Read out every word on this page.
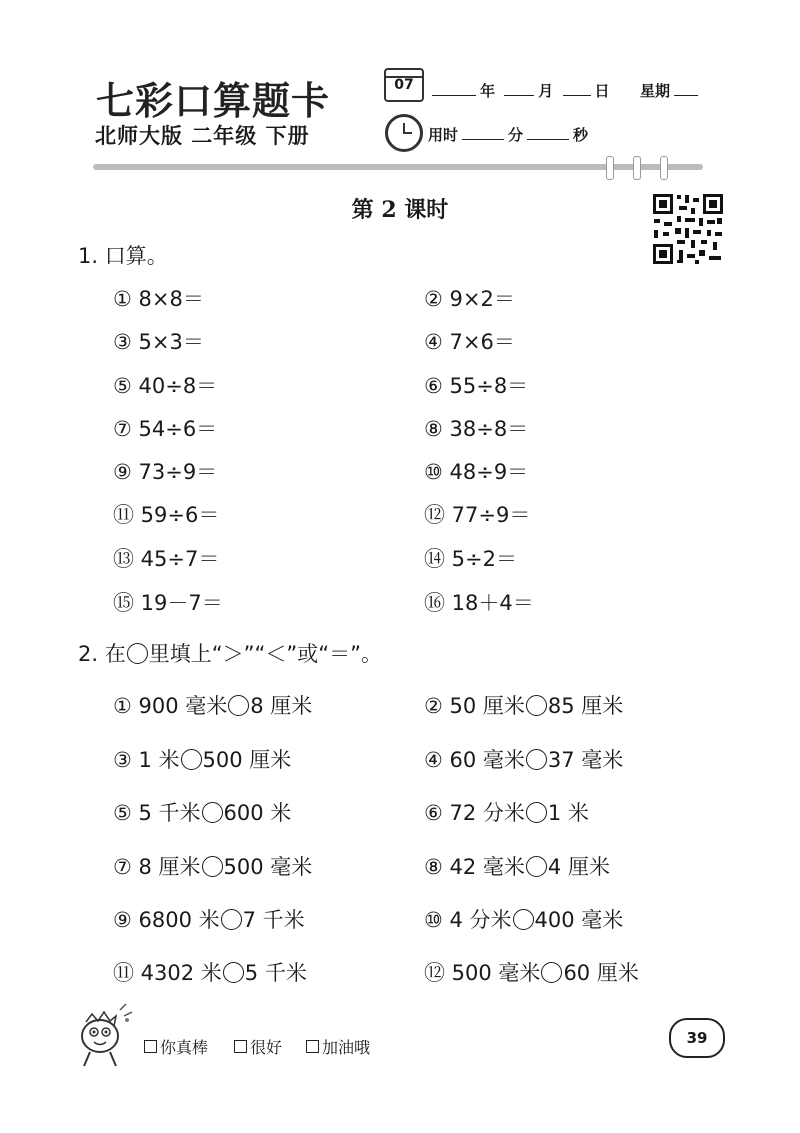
七彩口算题卡
北师大版 二年级 下册
07	年	月	日 星期
用时	分	秒
第 2 课时
1. 口算。
① 8×8＝	② 9×2＝
③ 5×3＝	④ 7×6＝
⑤ 40÷8＝	⑥ 55÷8＝
⑦ 54÷6＝	⑧ 38÷8＝
⑨ 73÷9＝	⑩ 48÷9＝
⑪ 59÷6＝	⑫ 77÷9＝
⑬ 45÷7＝	⑭ 5÷2＝
⑮ 19－7＝	⑯ 18＋4＝
2. 在 里填上“＞”“＜”或“＝”。
① 900 毫米 8 厘米	② 50 厘米 85 厘米
③ 1 米 500 厘米	④ 60 毫米 37 毫米
⑤ 5 千米 600 米	⑥ 72 分米 1 米
⑦ 8 厘米 500 毫米	⑧ 42 毫米 4 厘米
⑨ 6800 米 7 千米	⑩ 4 分米 400 毫米
⑪ 4302 米 5 千米	⑫ 500 毫米 60 厘米
你真棒	很好	加油哦	39
